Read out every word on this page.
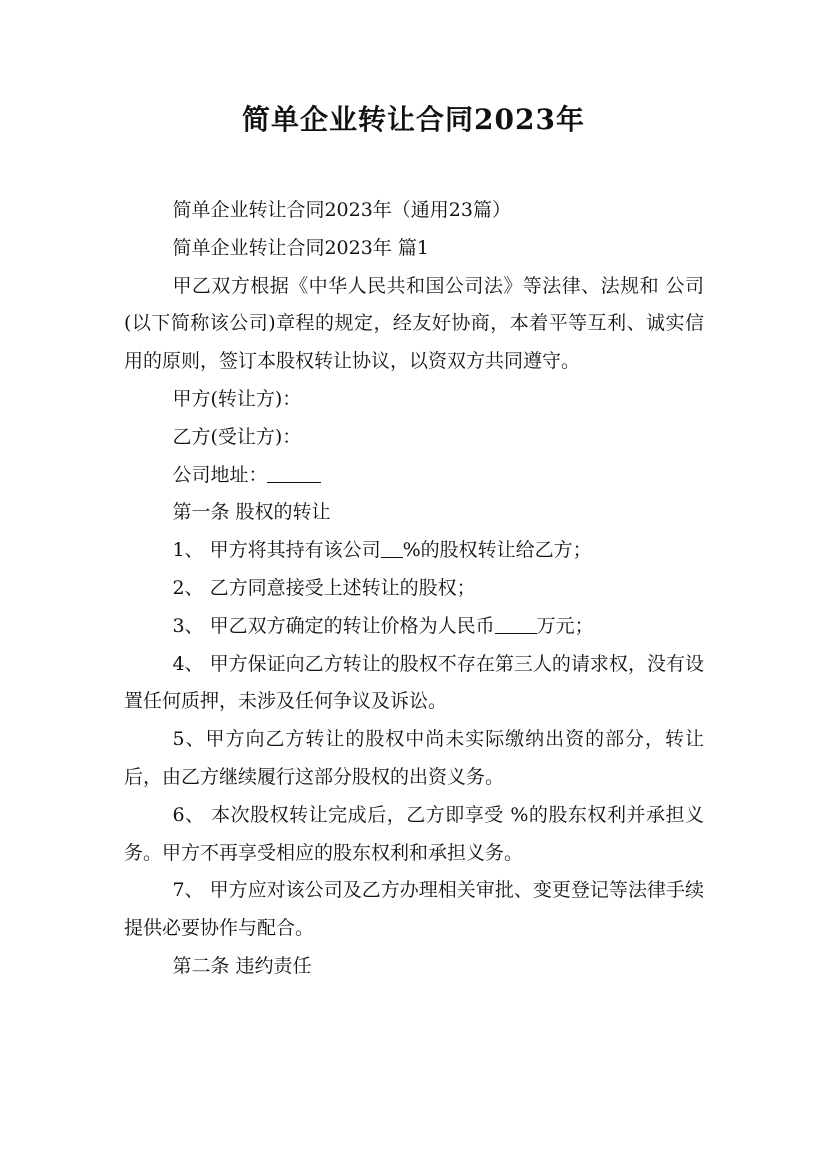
简单企业转让合同2023年

简单企业转让合同2023年（通用23篇）

简单企业转让合同2023年 篇1

甲乙双方根据《中华人民共和国公司法》等法律、法规和 公司(以下简称该公司)章程的规定，经友好协商，本着平等互利、诚实信用的原则，签订本股权转让协议，以资双方共同遵守。

甲方(转让方)：

乙方(受让方)：

公司地址：

第一条 股权的转让

1、 甲方将其持有该公司 %的股权转让给乙方；

2、 乙方同意接受上述转让的股权；

3、 甲乙双方确定的转让价格为人民币 万元；

4、 甲方保证向乙方转让的股权不存在第三人的请求权，没有设置任何质押，未涉及任何争议及诉讼。

5、甲方向乙方转让的股权中尚未实际缴纳出资的部分，转让后，由乙方继续履行这部分股权的出资义务。

6、 本次股权转让完成后，乙方即享受 %的股东权利并承担义务。甲方不再享受相应的股东权利和承担义务。

7、 甲方应对该公司及乙方办理相关审批、变更登记等法律手续提供必要协作与配合。

第二条 违约责任
